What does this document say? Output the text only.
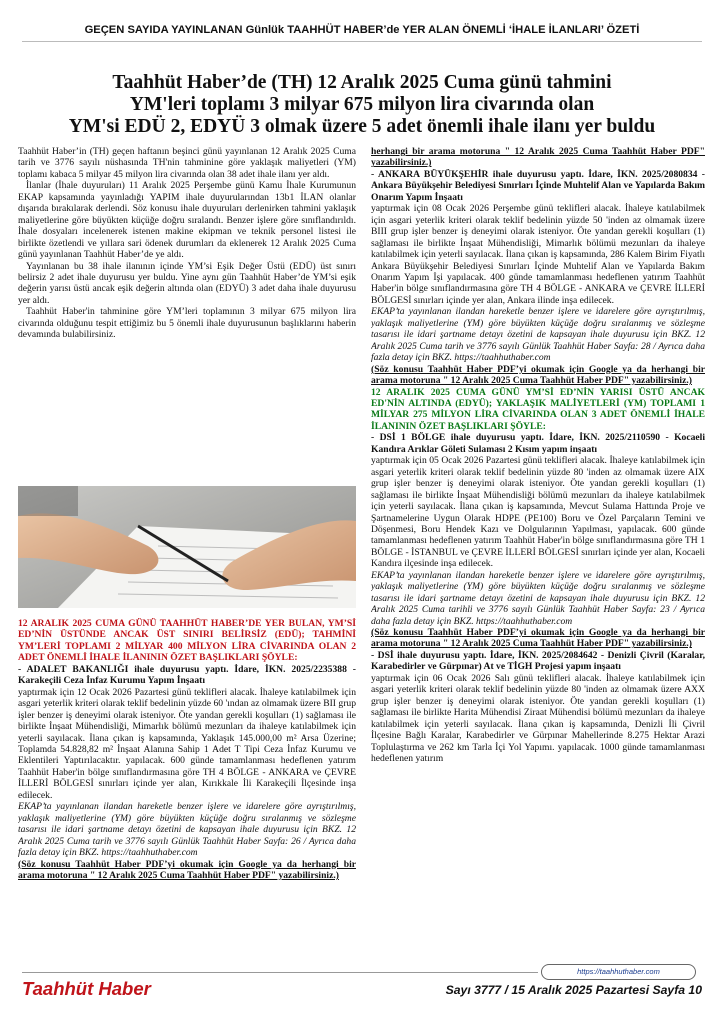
GEÇEN SAYIDA YAYINLANAN Günlük TAAHHÜT HABER’de YER ALAN ÖNEMLİ ‘İHALE İLANLARI’ ÖZETİ
Taahhüt Haber’de (TH) 12 Aralık 2025 Cuma günü tahmini
YM'leri toplamı 3 milyar 675 milyon lira civarında olan
YM'si EDÜ 2, EDYÜ 3 olmak üzere 5 adet önemli ihale ilanı yer buldu

Taahhüt Haber’in (TH) geçen haftanın beşinci günü yayınlanan 12 Aralık 2025 Cuma tarih ve 3776 sayılı nüshasında TH'nin tahminine göre yaklaşık maliyetleri (YM) toplamı kabaca 5 milyar 45 milyon lira civarında olan 38 adet ihale ilanı yer aldı.

İlanlar (İhale duyuruları) 11 Aralık 2025 Perşembe günü Kamu İhale Kurumunun EKAP kapsamında yayınladığı YAPIM ihale duyurularından 13b1 İLAN olanlar dışarıda bırakılarak derlendi. Söz konusu ihale duyuruları derlenirken tahmini yaklaşık maliyetlerine göre büyükten küçüğe doğru sıralandı. Benzer işlere göre sınıflandırıldı. İhale dosyaları incelenerek istenen makine ekipman ve teknik personel listesi ile birlikte özetlendi ve yıllara sari ödenek durumları da eklenerek 12 Aralık 2025 Cuma günü yayınlanan Taahhüt Haber’de ye aldı.

Yayınlanan bu 38 ihale ilanının içinde YM’si Eşik Değer Üstü (EDÜ) üst sınırı belirsiz 2 adet ihale duyurusu yer buldu. Yine aynı gün Taahhüt Haber’de YM’si eşik değerin yarısı üstü ancak eşik değerin altında olan (EDYÜ) 3 adet daha ihale duyurusu yer aldı.

Taahhüt Haber'in tahminine göre YM’leri toplamının 3 milyar 675 milyon lira civarında olduğunu tespit ettiğimiz bu 5 önemli ihale duyurusunun başlıklarını haberin devamında bulabilirsiniz.

12 ARALIK 2025 CUMA GÜNÜ TAAHHÜT HABER’DE YER BULAN, YM’Sİ ED’NİN ÜSTÜNDE ANCAK ÜST SINIRI BELİRSİZ (EDÜ); TAHMİNİ YM’LERİ TOPLAMI 2 MİLYAR 400 MİLYON LİRA CİVARINDA OLAN 2 ADET ÖNEMLİ İHALE İLANININ ÖZET BAŞLIKLARI ŞÖYLE:

- ADALET BAKANLIĞI ihale duyurusu yaptı. İdare, İKN. 2025/2235388 - Karakeçili Ceza İnfaz Kurumu Yapım İnşaatı

yaptırmak için 12 Ocak 2026 Pazartesi günü teklifleri alacak. İhaleye katılabilmek için asgari yeterlik kriteri olarak teklif bedelinin yüzde 60 'ından az olmamak üzere BII grup işler benzer iş deneyimi olarak isteniyor. Öte yandan gerekli koşulları (1) sağlaması ile birlikte İnşaat Mühendisliği, Mimarlık bölümü mezunları da ihaleye katılabilmek için yeterli sayılacak. İlana çıkan iş kapsamında, Yaklaşık 145.000,00 m² Arsa Üzerine; Toplamda 54.828,82 m² İnşaat Alanına Sahip 1 Adet T Tipi Ceza İnfaz Kurumu ve Eklentileri Yaptırılacaktır. yapılacak. 600 günde tamamlanması hedeflenen yatırım Taahhüt Haber'in bölge sınıflandırmasına göre TH 4 BÖLGE - ANKARA ve ÇEVRE İLLERİ BÖLGESİ sınırları içinde yer alan, Kırıkkale İli Karakeçili İlçesinde inşa edilecek.

EKAP’ta yayınlanan ilandan hareketle benzer işlere ve idarelere göre ayrıştırılmış, yaklaşık maliyetlerine (YM) göre büyükten küçüğe doğru sıralanmış ve sözleşme tasarısı ile idari şartname detayı özetini de kapsayan ihale duyurusu için BKZ. 12 Aralık 2025 Cuma tarih ve 3776 sayılı Günlük Taahhüt Haber Sayfa: 26 / Ayrıca daha fazla detay için BKZ. https://taahhuthaber.com

(Söz konusu Taahhüt Haber PDF’yi okumak için Google ya da herhangi bir arama motoruna " 12 Aralık 2025 Cuma Taahhüt Haber PDF" yazabilirsiniz.)

herhangi bir arama motoruna " 12 Aralık 2025 Cuma Taahhüt Haber PDF" yazabilirsiniz.)

- ANKARA BÜYÜKŞEHİR ihale duyurusu yaptı. İdare, İKN. 2025/2080834 - Ankara Büyükşehir Belediyesi Sınırları İçinde Muhtelif Alan ve Yapılarda Bakım Onarım Yapım İnşaatı

yaptırmak için 08 Ocak 2026 Perşembe günü teklifleri alacak. İhaleye katılabilmek için asgari yeterlik kriteri olarak teklif bedelinin yüzde 50 'inden az olmamak üzere BIII grup işler benzer iş deneyimi olarak isteniyor. Öte yandan gerekli koşulları (1) sağlaması ile birlikte İnşaat Mühendisliği, Mimarlık bölümü mezunları da ihaleye katılabilmek için yeterli sayılacak. İlana çıkan iş kapsamında, 286 Kalem Birim Fiyatlı Ankara Büyükşehir Belediyesi Sınırları İçinde Muhtelif Alan ve Yapılarda Bakım Onarım Yapım İşi yapılacak. 400 günde tamamlanması hedeflenen yatırım Taahhüt Haber'in bölge sınıflandırmasına göre TH 4 BÖLGE - ANKARA ve ÇEVRE İLLERİ BÖLGESİ sınırları içinde yer alan, Ankara ilinde inşa edilecek.

EKAP’ta yayınlanan ilandan hareketle benzer işlere ve idarelere göre ayrıştırılmış, yaklaşık maliyetlerine (YM) göre büyükten küçüğe doğru sıralanmış ve sözleşme tasarısı ile idari şartname detayı özetini de kapsayan ihale duyurusu için BKZ. 12 Aralık 2025 Cuma tarih ve 3776 sayılı Günlük Taahhüt Haber Sayfa: 28 / Ayrıca daha fazla detay için BKZ. https://taahhuthaber.com

(Söz konusu Taahhüt Haber PDF’yi okumak için Google ya da herhangi bir arama motoruna " 12 Aralık 2025 Cuma Taahhüt Haber PDF" yazabilirsiniz.)

12 ARALIK 2025 CUMA GÜNÜ YM’Sİ ED’NİN YARISI ÜSTÜ ANCAK ED'NİN ALTINDA (EDYÜ); YAKLAŞIK MALİYETLERİ (YM) TOPLAMI 1 MİLYAR 275 MİLYON LİRA CİVARINDA OLAN 3 ADET ÖNEMLİ İHALE İLANININ ÖZET BAŞLIKLARI ŞÖYLE:

- DSİ 1 BÖLGE ihale duyurusu yaptı. İdare, İKN. 2025/2110590 - Kocaeli Kandıra Arıklar Göleti Sulaması 2 Kısım yapım inşaatı

yaptırmak için 05 Ocak 2026 Pazartesi günü teklifleri alacak. İhaleye katılabilmek için asgari yeterlik kriteri olarak teklif bedelinin yüzde 80 'inden az olmamak üzere AIX grup işler benzer iş deneyimi olarak isteniyor. Öte yandan gerekli koşulları (1) sağlaması ile birlikte İnşaat Mühendisliği bölümü mezunları da ihaleye katılabilmek için yeterli sayılacak. İlana çıkan iş kapsamında, Mevcut Sulama Hattında Proje ve Şartnamelerine Uygun Olarak HDPE (PE100) Boru ve Özel Parçaların Temini ve Döşenmesi, Boru Hendek Kazı ve Dolgularının Yapılması, yapılacak. 600 günde tamamlanması hedeflenen yatırım Taahhüt Haber'in bölge sınıflandırmasına göre TH 1 BÖLGE - İSTANBUL ve ÇEVRE İLLERİ BÖLGESİ sınırları içinde yer alan, Kocaeli Kandıra ilçesinde inşa edilecek.

EKAP’ta yayınlanan ilandan hareketle benzer işlere ve idarelere göre ayrıştırılmış, yaklaşık maliyetlerine (YM) göre büyükten küçüğe doğru sıralanmış ve sözleşme tasarısı ile idari şartname detayı özetini de kapsayan ihale duyurusu için BKZ. 12 Aralık 2025 Cuma tarihli ve 3776 sayılı Günlük Taahhüt Haber Sayfa: 23 / Ayrıca daha fazla detay için BKZ. https://taahhuthaber.com

(Söz konusu Taahhüt Haber PDF’yi okumak için Google ya da herhangi bir arama motoruna " 12 Aralık 2025 Cuma Taahhüt Haber PDF" yazabilirsiniz.)

- DSİ ihale duyurusu yaptı. İdare, İKN. 2025/2084642 - Denizli Çivril (Karalar, Karabedirler ve Gürpınar) At ve TİGH Projesi yapım inşaatı

yaptırmak için 06 Ocak 2026 Salı günü teklifleri alacak. İhaleye katılabilmek için asgari yeterlik kriteri olarak teklif bedelinin yüzde 80 'inden az olmamak üzere AXX grup işler benzer iş deneyimi olarak isteniyor. Öte yandan gerekli koşulları (1) sağlaması ile birlikte Harita Mühendisi Ziraat Mühendisi bölümü mezunları da ihaleye katılabilmek için yeterli sayılacak. İlana çıkan iş kapsamında, Denizli İli Çivril İlçesine Bağlı Karalar, Karabedirler ve Gürpınar Mahellerinde 8.275 Hektar Arazi Toplulaştırma ve 262 km Tarla İçi Yol Yapımı. yapılacak. 1000 günde tamamlanması hedeflenen yatırım

https://taahhuthaber.com
Taahhüt Haber	Sayı 3777 / 15 Aralık 2025 Pazartesi Sayfa 10
